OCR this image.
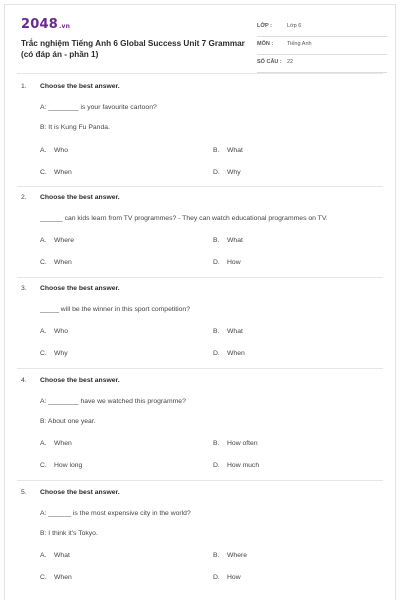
2048.vn
Trắc nghiệm Tiếng Anh 6 Global Success Unit 7 Grammar (có đáp án - phần 1)
LỚP :	Lớp 6
MÔN :	Tiếng Anh
SỐ CÂU : 22
1. Choose the best answer.
A: ________ is your favourite cartoon?
B: It is Kung Fu Panda.
A. Who	B. What
C. When	D. Why
2. Choose the best answer.
______ can kids learn from TV programmes? - They can watch educational programmes on TV.
A. Where	B. What
C. When	D. How
3. Choose the best answer.
_____ will be the winner in this sport competition?
A. Who	B. What
C. Why	D. When
4. Choose the best answer.
A: ________ have we watched this programme?
B: About one year.
A. When	B. How often
C. How long	D. How much
5. Choose the best answer.
A: ______ is the most expensive city in the world?
B: I think it's Tokyo.
A. What	B. Where
C. When	D. How
